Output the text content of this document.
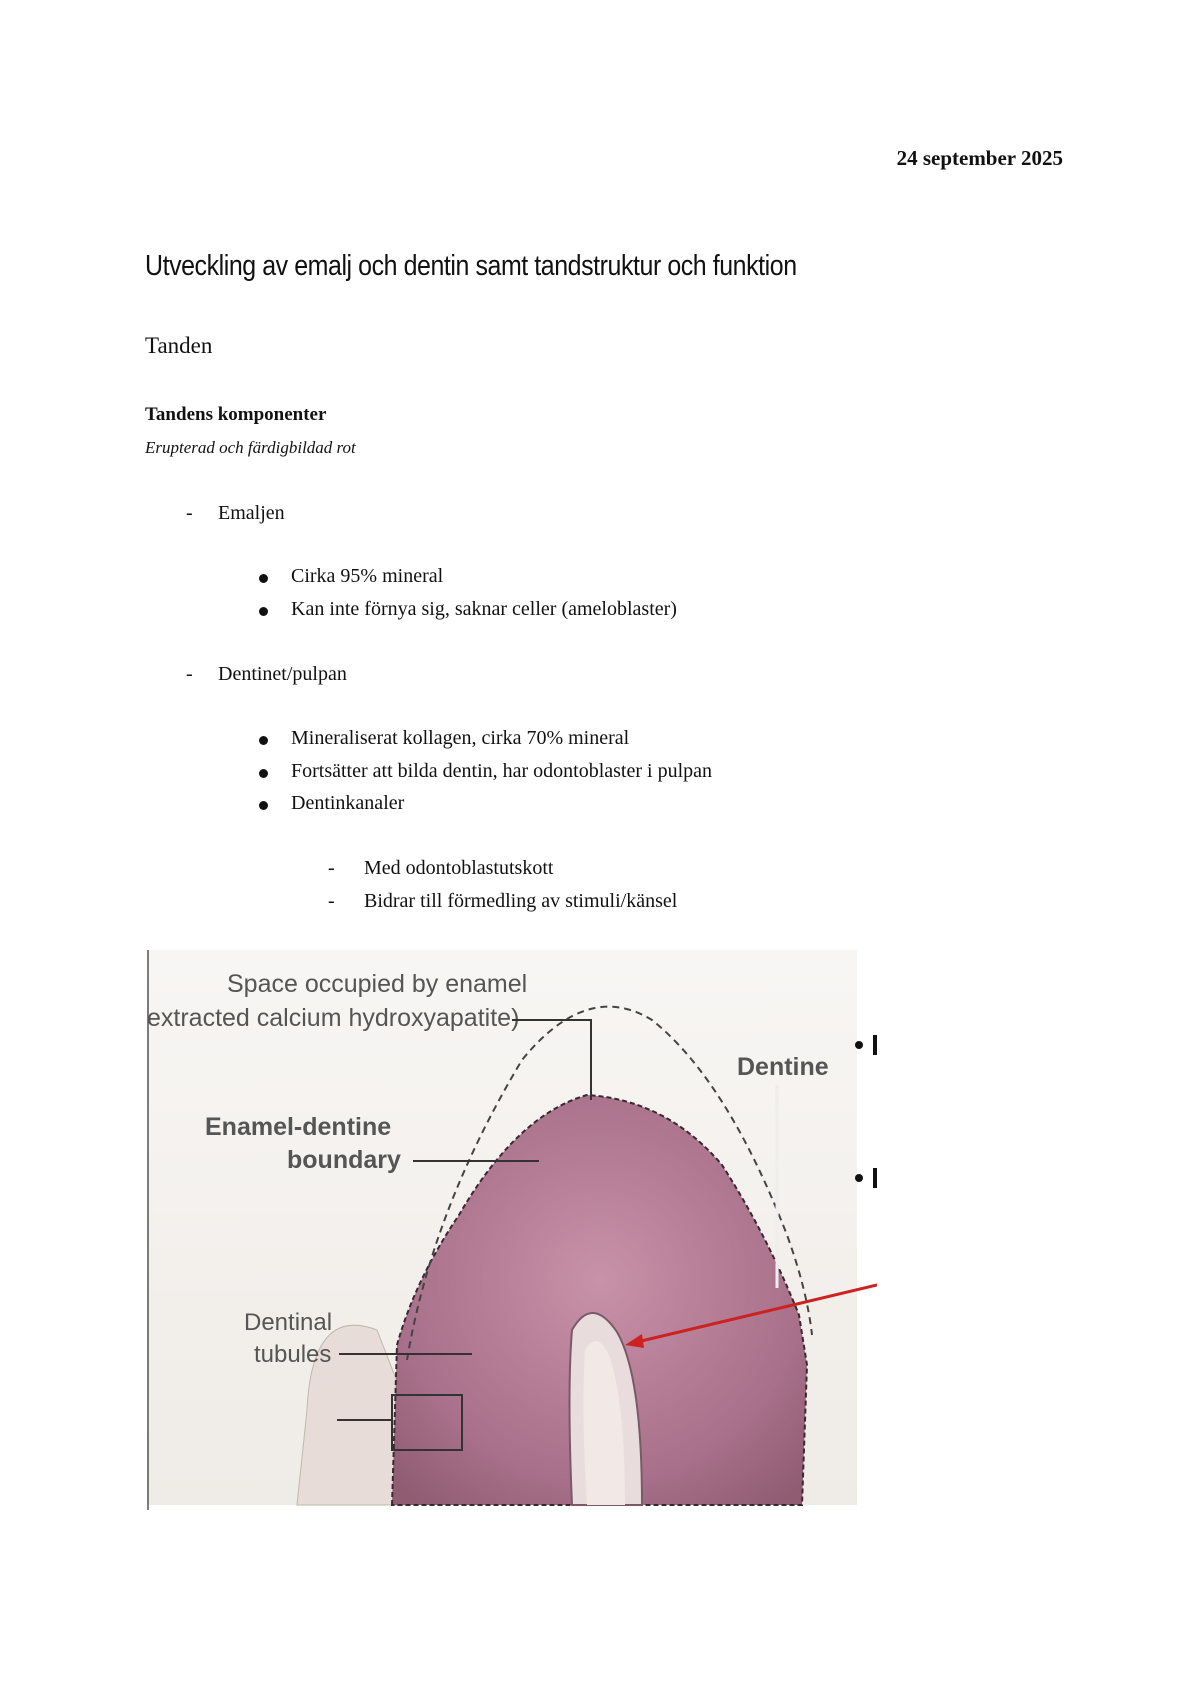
24 september 2025
Utveckling av emalj och dentin samt tandstruktur och funktion
Tanden
Tandens komponenter
Erupterad och färdigbildad rot
- Emaljen
Cirka 95% mineral
Kan inte förnya sig, saknar celler (ameloblaster)
- Dentinet/pulpan
Mineraliserat kollagen, cirka 70% mineral
Fortsätter att bilda dentin, har odontoblaster i pulpan
Dentinkanaler
- Med odontoblastutskott
- Bidrar till förmedling av stimuli/känsel
Space occupied by enamel
extracted calcium hydroxyapatite)
Enamel-dentine
boundary
Dentine
Dentinal
tubules
